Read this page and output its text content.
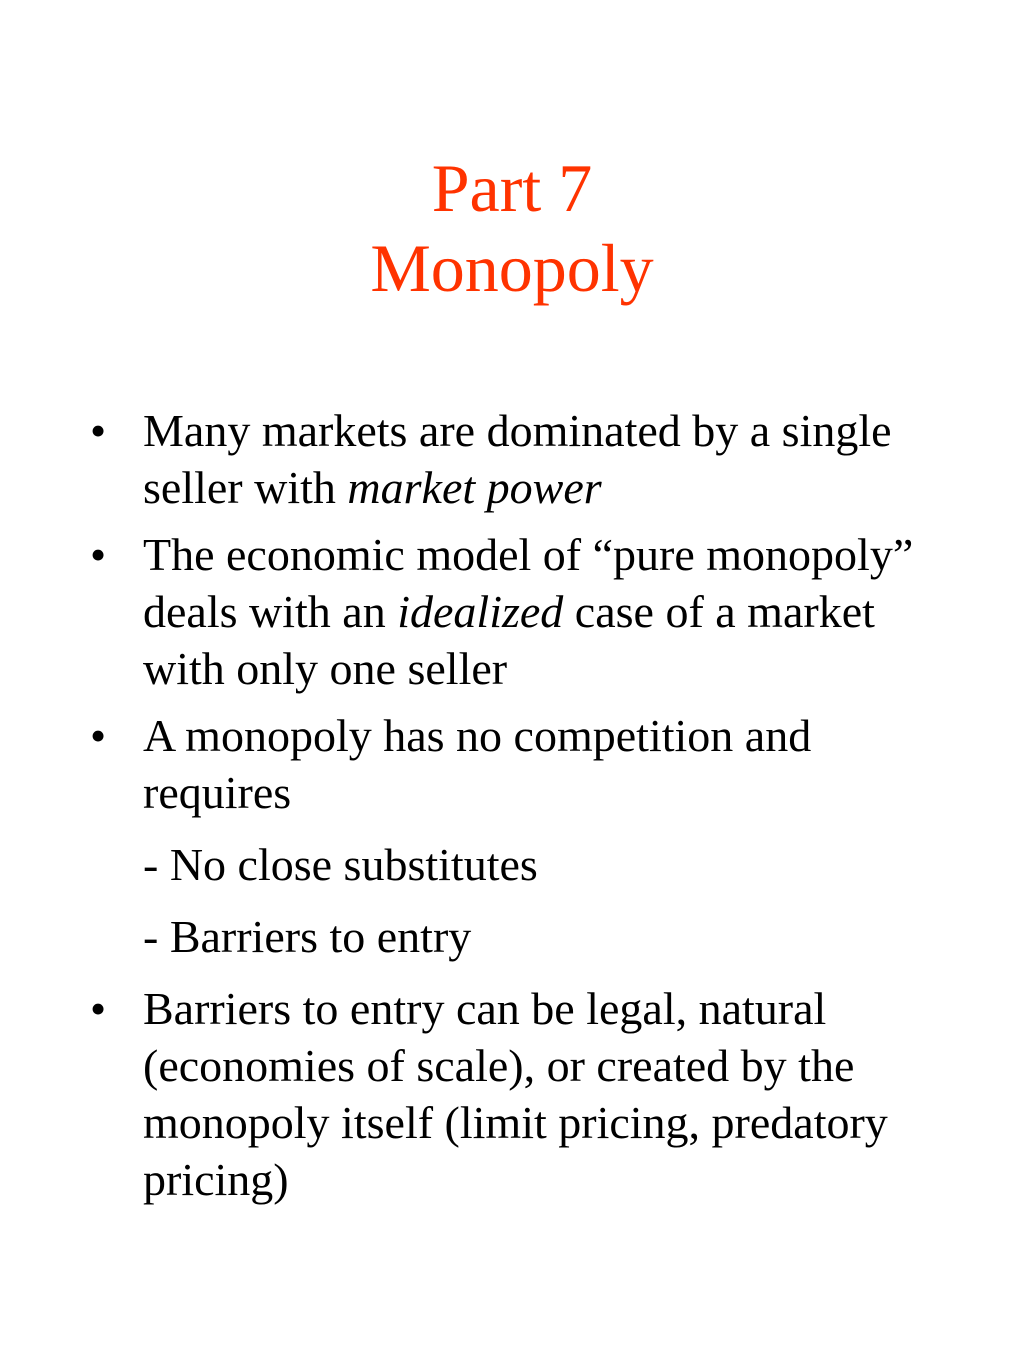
Part 7
Monopoly
• Many markets are dominated by a single seller with market power
• The economic model of “pure monopoly” deals with an idealized case of a market with only one seller
• A monopoly has no competition and requires
- No close substitutes
- Barriers to entry
• Barriers to entry can be legal, natural (economies of scale), or created by the monopoly itself (limit pricing, predatory pricing)
